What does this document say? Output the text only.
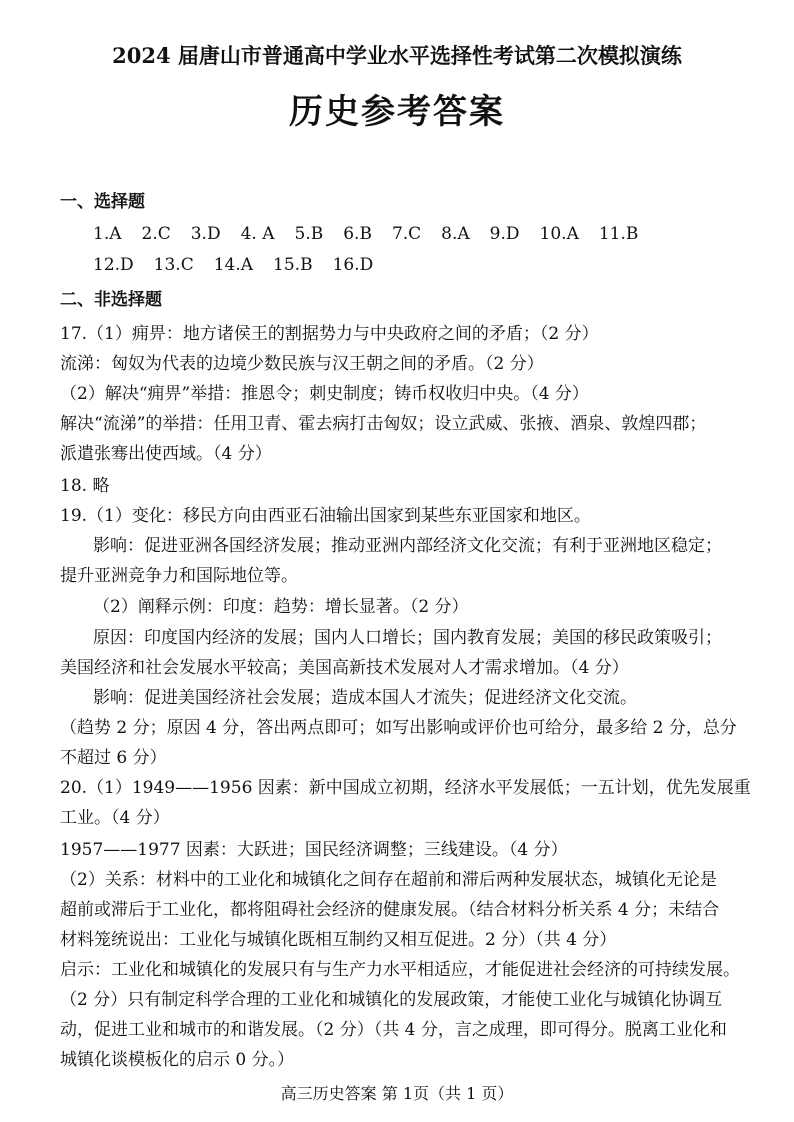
2024 届唐山市普通高中学业水平选择性考试第二次模拟演练
历史参考答案
一、选择题
1.A 2.C 3.D 4. A 5.B 6.B 7.C 8.A 9.D 10.A 11.B
12.D 13.C 14.A 15.B 16.D
二、非选择题
17.（1）痈畀：地方诸侯王的割据势力与中央政府之间的矛盾；（2 分）
流涕：匈奴为代表的边境少数民族与汉王朝之间的矛盾。（2 分）
（2）解决“痈畀”举措：推恩令；刺史制度；铸币权收归中央。（4 分）
解决“流涕”的举措：任用卫青、霍去病打击匈奴；设立武威、张掖、酒泉、敦煌四郡；
派遣张骞出使西域。（4 分）
18. 略
19.（1）变化：移民方向由西亚石油输出国家到某些东亚国家和地区。
影响：促进亚洲各国经济发展；推动亚洲内部经济文化交流；有利于亚洲地区稳定；
提升亚洲竞争力和国际地位等。
（2）阐释示例：印度：趋势：增长显著。（2 分）
原因：印度国内经济的发展；国内人口增长；国内教育发展；美国的移民政策吸引；
美国经济和社会发展水平较高；美国高新技术发展对人才需求增加。（4 分）
影响：促进美国经济社会发展；造成本国人才流失；促进经济文化交流。
（趋势 2 分；原因 4 分，答出两点即可；如写出影响或评价也可给分，最多给 2 分，总分
不超过 6 分）
20.（1）1949——1956 因素：新中国成立初期，经济水平发展低；一五计划，优先发展重
工业。（4 分）
1957——1977 因素：大跃进；国民经济调整；三线建设。（4 分）
（2）关系：材料中的工业化和城镇化之间存在超前和滞后两种发展状态，城镇化无论是
超前或滞后于工业化，都将阻碍社会经济的健康发展。（结合材料分析关系 4 分；未结合
材料笼统说出：工业化与城镇化既相互制约又相互促进。2 分）（共 4 分）
启示：工业化和城镇化的发展只有与生产力水平相适应，才能促进社会经济的可持续发展。
（2 分）只有制定科学合理的工业化和城镇化的发展政策，才能使工业化与城镇化协调互
动，促进工业和城市的和谐发展。（2 分）（共 4 分，言之成理，即可得分。脱离工业化和
城镇化谈模板化的启示 0 分。）
高三历史答案 第 1页（共 1 页）
